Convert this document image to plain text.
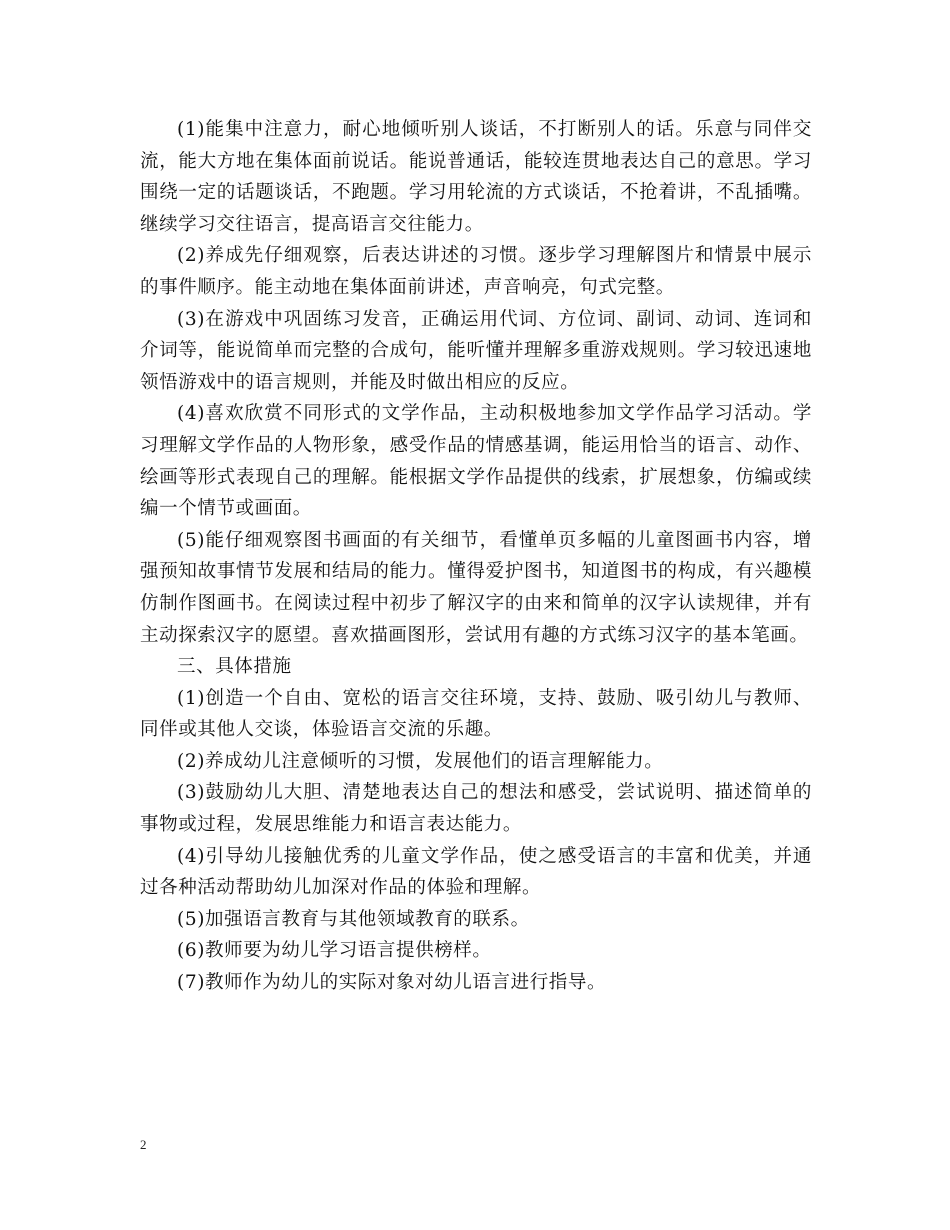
(1)能集中注意力，耐心地倾听别人谈话，不打断别人的话。乐意与同伴交流，能大方地在集体面前说话。能说普通话，能较连贯地表达自己的意思。学习围绕一定的话题谈话，不跑题。学习用轮流的方式谈话，不抢着讲，不乱插嘴。继续学习交往语言，提高语言交往能力。

(2)养成先仔细观察，后表达讲述的习惯。逐步学习理解图片和情景中展示的事件顺序。能主动地在集体面前讲述，声音响亮，句式完整。

(3)在游戏中巩固练习发音，正确运用代词、方位词、副词、动词、连词和介词等，能说简单而完整的合成句，能听懂并理解多重游戏规则。学习较迅速地领悟游戏中的语言规则，并能及时做出相应的反应。

(4)喜欢欣赏不同形式的文学作品，主动积极地参加文学作品学习活动。学习理解文学作品的人物形象，感受作品的情感基调，能运用恰当的语言、动作、绘画等形式表现自己的理解。能根据文学作品提供的线索，扩展想象，仿编或续编一个情节或画面。

(5)能仔细观察图书画面的有关细节，看懂单页多幅的儿童图画书内容，增强预知故事情节发展和结局的能力。懂得爱护图书，知道图书的构成，有兴趣模仿制作图画书。在阅读过程中初步了解汉字的由来和简单的汉字认读规律，并有主动探索汉字的愿望。喜欢描画图形，尝试用有趣的方式练习汉字的基本笔画。

三、具体措施

(1)创造一个自由、宽松的语言交往环境，支持、鼓励、吸引幼儿与教师、同伴或其他人交谈，体验语言交流的乐趣。

(2)养成幼儿注意倾听的习惯，发展他们的语言理解能力。

(3)鼓励幼儿大胆、清楚地表达自己的想法和感受，尝试说明、描述简单的事物或过程，发展思维能力和语言表达能力。

(4)引导幼儿接触优秀的儿童文学作品，使之感受语言的丰富和优美，并通过各种活动帮助幼儿加深对作品的体验和理解。

(5)加强语言教育与其他领域教育的联系。

(6)教师要为幼儿学习语言提供榜样。

(7)教师作为幼儿的实际对象对幼儿语言进行指导。

2
